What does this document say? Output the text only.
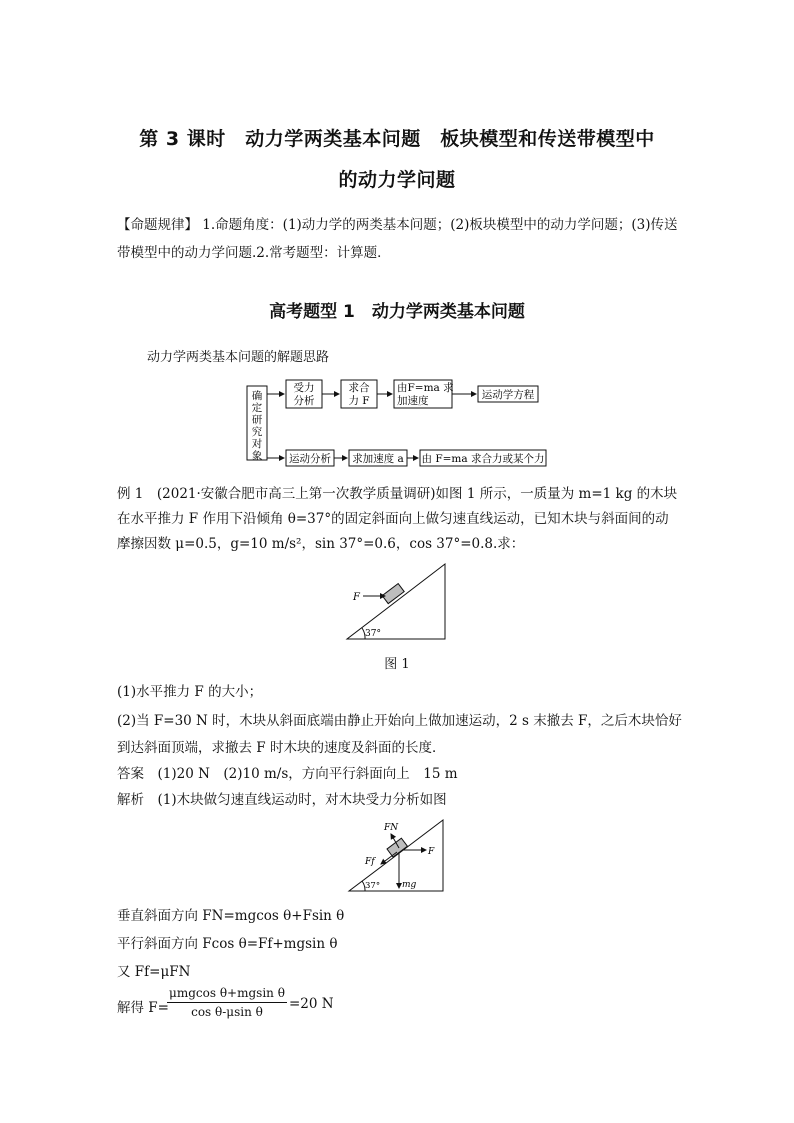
第 3 课时　动力学两类基本问题　板块模型和传送带模型中
的动力学问题
【命题规律】 1.命题角度：(1)动力学的两类基本问题；(2)板块模型中的动力学问题；(3)传送
带模型中的动力学问题.2.常考题型：计算题．
高考题型 1　动力学两类基本问题
动力学两类基本问题的解题思路
确
定
研
究
对
象
受力
分析
求合
力 F
由F=ma 求
加速度	运动学方程
运动分析 求加速度 a 由 F=ma 求合力或某个力
例 1　(2021·安徽合肥市高三上第一次教学质量调研)如图 1 所示，一质量为 m=1 kg 的木块
在水平推力 F 作用下沿倾角 θ=37°的固定斜面向上做匀速直线运动，已知木块与斜面间的动
摩擦因数 μ=0.5，g=10 m/s²，sin 37°=0.6，cos 37°=0.8.求：
F
37°
图 1
(1)水平推力 F 的大小；
(2)当 F=30 N 时，木块从斜面底端由静止开始向上做加速运动，2 s 末撤去 F，之后木块恰好
到达斜面顶端，求撤去 F 时木块的速度及斜面的长度．
答案　(1)20 N　(2)10 m/s，方向平行斜面向上　15 m
解析　(1)木块做匀速直线运动时，对木块受力分析如图
FN
F
Ff
mg
37°
垂直斜面方向 FN=mgcos θ+Fsin θ
平行斜面方向 Fcos θ=Ff+mgsin θ
又 Ff=μFN
解得 F=
μmgcos θ+mgsin θ
cos θ-μsin θ	=20 N
